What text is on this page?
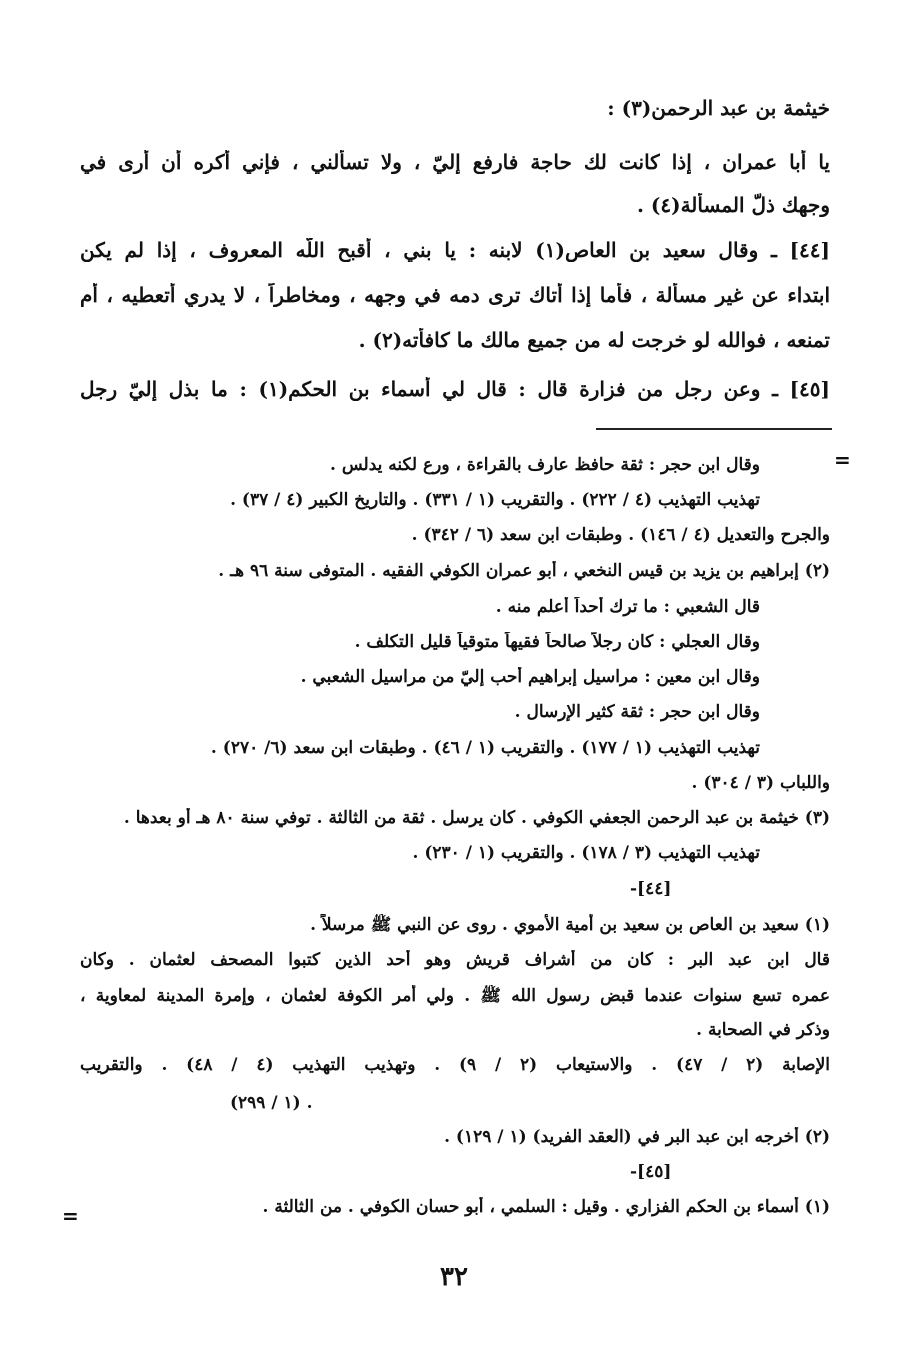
خيثمة بن عبد الرحمن(٣) :
يا أبا عمران ، إذا كانت لك حاجة فارفع إليّ ، ولا تسألني ، فإني أكره أن أرى في
وجهك ذلّ المسألة(٤) .
[٤٤] ـ وقال سعيد بن العاص(١) لابنه : يا بني ، أقبح اللّه المعروف ، إذا لم يكن
ابتداء عن غير مسألة ، فأما إذا أتاك ترى دمه في وجهه ، ومخاطراً ، لا يدري أتعطيه ، أم
تمنعه ، فوالله لو خرجت له من جميع مالك ما كافأته(٢) .
[٤٥] ـ وعن رجل من فزارة قال : قال لي أسماء بن الحكم(١) : ما بذل إليّ رجل
=
وقال ابن حجر : ثقة حافظ عارف بالقراءة ، ورع لكنه يدلس .
تهذيب التهذيب (٤ / ٢٢٢) . والتقريب (١ / ٣٣١) . والتاريخ الكبير (٤ / ٣٧) .
والجرح والتعديل (٤ / ١٤٦) . وطبقات ابن سعد (٦ / ٣٤٢) .
(٢) إبراهيم بن يزيد بن قيس النخعي ، أبو عمران الكوفي الفقيه . المتوفى سنة ٩٦ هـ .
قال الشعبي : ما ترك أحداً أعلم منه .
وقال العجلي : كان رجلاً صالحاً فقيهاً متوقياً قليل التكلف .
وقال ابن معين : مراسيل إبراهيم أحب إليّ من مراسيل الشعبي .
وقال ابن حجر : ثقة كثير الإرسال .
تهذيب التهذيب (١ / ١٧٧) . والتقريب (١ / ٤٦) . وطبقات ابن سعد (٦/ ٢٧٠) .
واللباب (٣ / ٣٠٤) .
(٣) خيثمة بن عبد الرحمن الجعفي الكوفي . كان يرسل . ثقة من الثالثة . توفي سنة ٨٠ هـ أو بعدها .
تهذيب التهذيب (٣ / ١٧٨) . والتقريب (١ / ٢٣٠) .
-[٤٤]
(١) سعيد بن العاص بن سعيد بن أمية الأموي . روى عن النبي ﷺ مرسلاً .
قال ابن عبد البر : كان من أشراف قريش وهو أحد الذين كتبوا المصحف لعثمان . وكان
عمره تسع سنوات عندما قبض رسول الله ﷺ . ولي أمر الكوفة لعثمان ، وإمرة المدينة لمعاوية ،
وذكر في الصحابة .
الإصابة (٢ / ٤٧) . والاستيعاب (٢ / ٩) . وتهذيب التهذيب (٤ / ٤٨) . والتقريب
(١ / ٢٩٩) .
(٢) أخرجه ابن عبد البر في (العقد الفريد) (١ / ١٢٩) .
-[٤٥]
(١) أسماء بن الحكم الفزاري . وقيل : السلمي ، أبو حسان الكوفي . من الثالثة .
=
٣٢
